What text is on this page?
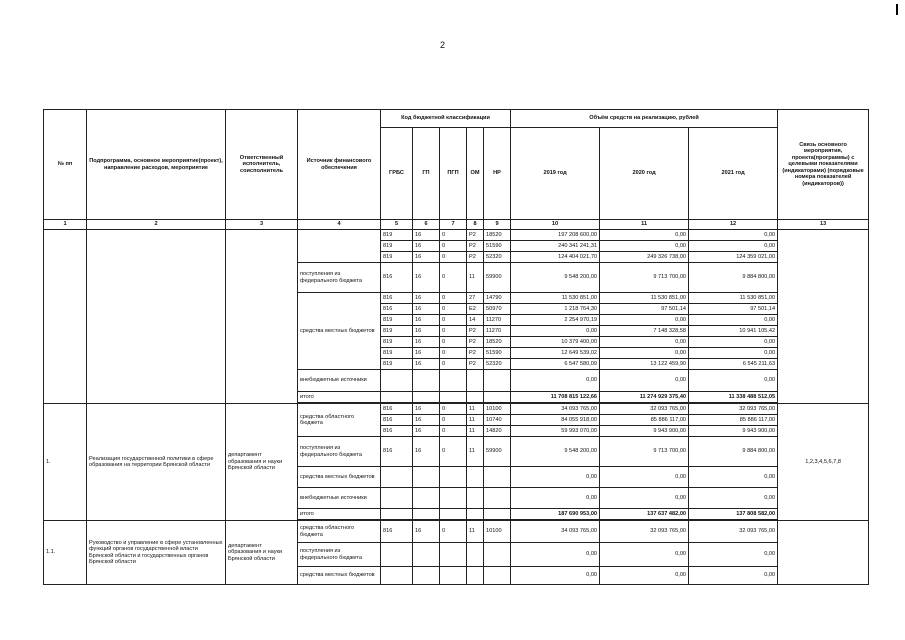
2
№ пп	Подпрограмма, основное мероприятие(проект), направление расходов, мероприятие	Ответственный исполнитель, соисполнитель	Источник финансового обеспечения	Код бюджетной классификации					Объём средств на реализацию, рублей			Связь основного мероприятия, проекта(программы) с целевыми показателями (индикаторами) (порядковые номера показателей (индикаторов))
				ГРБС	ГП	ПГП	ОМ	НР	2019 год	2020 год	2021 год	
1	2	3	4	5	6	7	8	9	10	11	12	13
				819	16	0	P2	18520	197 208 600,00	0,00	0,00	
				819	16	0	P2	51590	240 341 241,31	0,00	0,00	
				819	16	0	P2	52320	124 404 021,70	249 326 738,00	124 359 021,00	
			поступления из федерального бюджета	816	16	0	11	59900	9 548 200,00	9 713 700,00	9 884 800,00	
			средства местных бюджетов	816	16	0	27	14790	11 530 851,00	11 530 851,00	11 530 851,00	
				816	16	0	E2	50970	1 218 764,30	97 501,14	97 501,14	
				819	16	0	14	11270	2 254 970,19	0,00	0,00	
				819	16	0	P2	11270	0,00	7 148 328,58	10 941 105,42	
				819	16	0	P2	18520	10 379 400,00	0,00	0,00	
				819	16	0	P2	51590	12 649 539,02	0,00	0,00	
				819	16	0	P2	52320	6 547 580,09	13 122 459,90	6 545 211,63	
			внебюджетные источники						0,00	0,00	0,00	
			итого						11 708 815 122,66	11 274 929 375,40	11 338 488 512,05	

1.	Реализация государственной политики в сфере образования на территории Брянской области	департамент образования и науки Брянской области	средства областного бюджета	816	16	0	11	10100	34 093 765,00	32 093 765,00	32 093 765,00	1,2,3,4,5,6,7,8
				816	16	0	11	10740	84 055 918,00	85 886 117,00	85 886 117,00	
				816	16	0	11	14820	59 993 070,00	9 943 900,00	9 943 900,00	
			поступления из федерального бюджета	816	16	0	11	59900	9 548 200,00	9 713 700,00	9 884 800,00	
			средства местных бюджетов						0,00	0,00	0,00	
			внебюджетные источники						0,00	0,00	0,00	
			итого						187 690 953,00	137 637 482,00	137 808 582,00	

1.1.	Руководство и управление в сфере установленных функций органов государственной власти Брянской области и государственных органов Брянской области	департамент образования и науки Брянской области	средства областного бюджета	816	16	0	11	10100	34 093 765,00	32 093 765,00	32 093 765,00	
			поступления из федерального бюджета						0,00	0,00	0,00	
			средства местных бюджетов						0,00	0,00	0,00	
